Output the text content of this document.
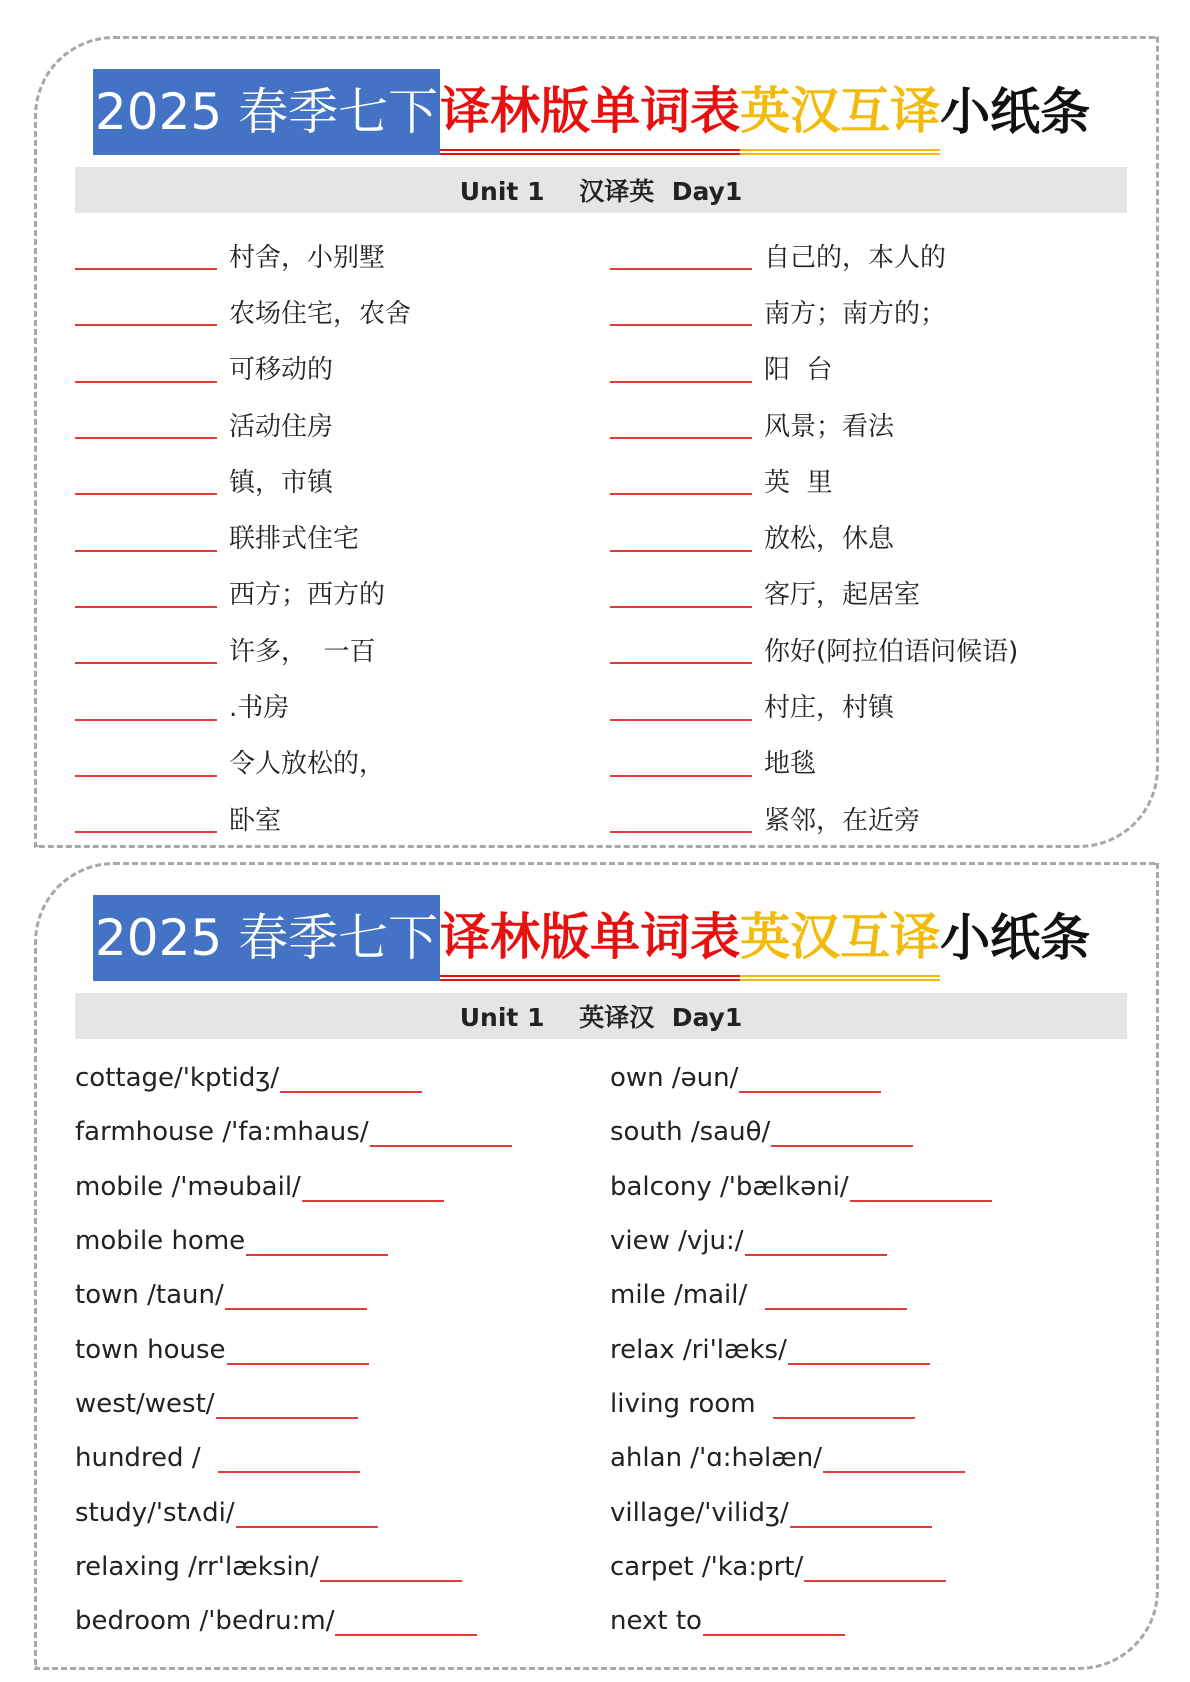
2025 春季七下 译林版单词表 英汉互译 小纸条
Unit 1    汉译英  Day1
村舍，小别墅
农场住宅，农舍
可移动的
活动住房
镇，市镇
联排式住宅
西方；西方的
许多，  一百
.书房
令人放松的，
卧室
自己的，本人的
南方；南方的；
阳  台
风景；看法
英  里
放松，休息
客厅，起居室
你好(阿拉伯语问候语)
村庄，村镇
地毯
紧邻，在近旁
2025 春季七下 译林版单词表 英汉互译 小纸条
Unit 1    英译汉  Day1
cottage/'kptidʒ/
farmhouse /'fa:mhaus/
mobile /'məubail/
mobile home
town /taun/
town house
west/west/
hundred /
study/'stʌdi/
relaxing /rr'læksin/
bedroom /'bedru:m/
own /əun/
south /sauθ/
balcony /'bælkəni/
view /vju:/
mile /mail/
relax /ri'læks/
living room
ahlan /'ɑ:həlæn/
village/'vilidʒ/
carpet /'ka:prt/
next to
